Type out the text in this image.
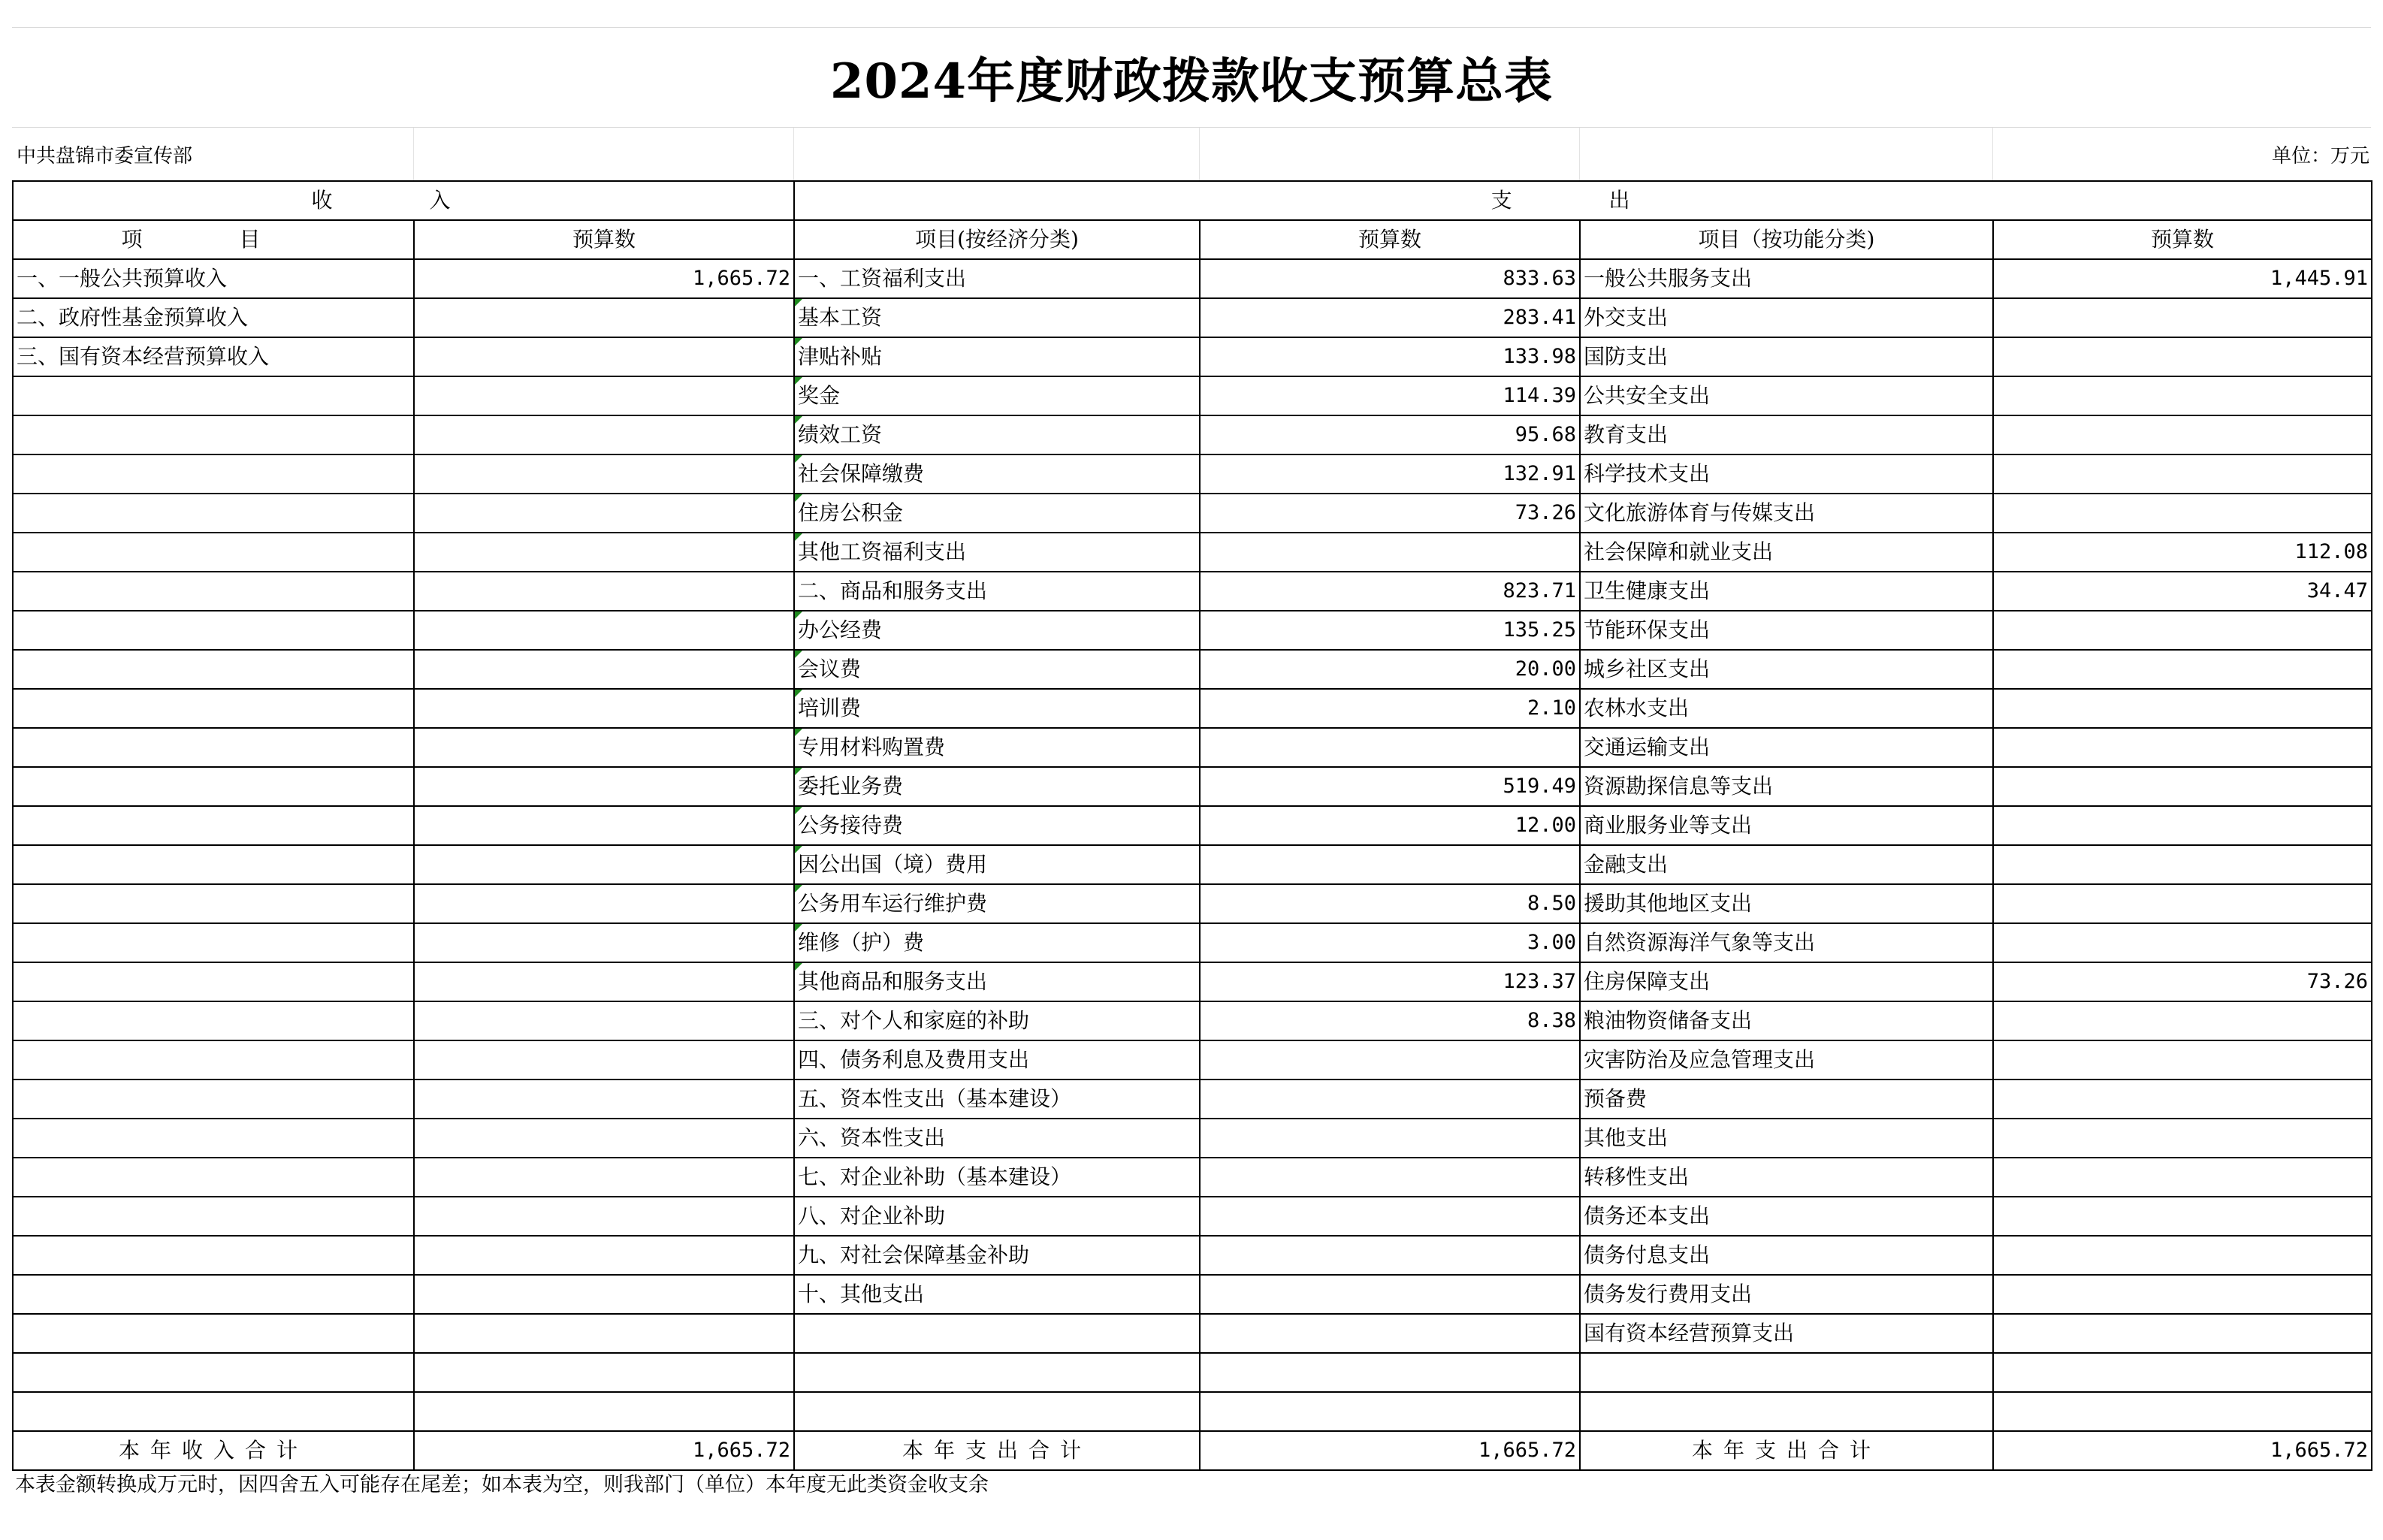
2024年度财政拨款收支预算总表
中共盘锦市委宣传部	单位：万元
收 入		支 出			
项 目	预算数	项目(按经济分类)	预算数	项目（按功能分类)	预算数
一、一般公共预算收入	1,665.72	一、工资福利支出	833.63	一般公共服务支出	1,445.91
二、政府性基金预算收入		基本工资	283.41	外交支出	
三、国有资本经营预算收入		津贴补贴	133.98	国防支出	
		奖金	114.39	公共安全支出	
		绩效工资	95.68	教育支出	
		社会保障缴费	132.91	科学技术支出	
		住房公积金	73.26	文化旅游体育与传媒支出	
		其他工资福利支出		社会保障和就业支出	112.08
		二、商品和服务支出	823.71	卫生健康支出	34.47
		办公经费	135.25	节能环保支出	
		会议费	20.00	城乡社区支出	
		培训费	2.10	农林水支出	
		专用材料购置费		交通运输支出	
		委托业务费	519.49	资源勘探信息等支出	
		公务接待费	12.00	商业服务业等支出	
		因公出国（境）费用		金融支出	
		公务用车运行维护费	8.50	援助其他地区支出	
		维修（护）费	3.00	自然资源海洋气象等支出	
		其他商品和服务支出	123.37	住房保障支出	73.26
		三、对个人和家庭的补助	8.38	粮油物资储备支出	
		四、债务利息及费用支出		灾害防治及应急管理支出	
		五、资本性支出（基本建设）		预备费	
		六、资本性支出		其他支出	
		七、对企业补助（基本建设）		转移性支出	
		八、对企业补助		债务还本支出	
		九、对社会保障基金补助		债务付息支出	
		十、其他支出		债务发行费用支出	
				国有资本经营预算支出	

本年收入合计	1,665.72	本年支出合计	1,665.72	本年支出合计	1,665.72
本表金额转换成万元时，因四舍五入可能存在尾差；如本表为空，则我部门（单位）本年度无此类资金收支余
